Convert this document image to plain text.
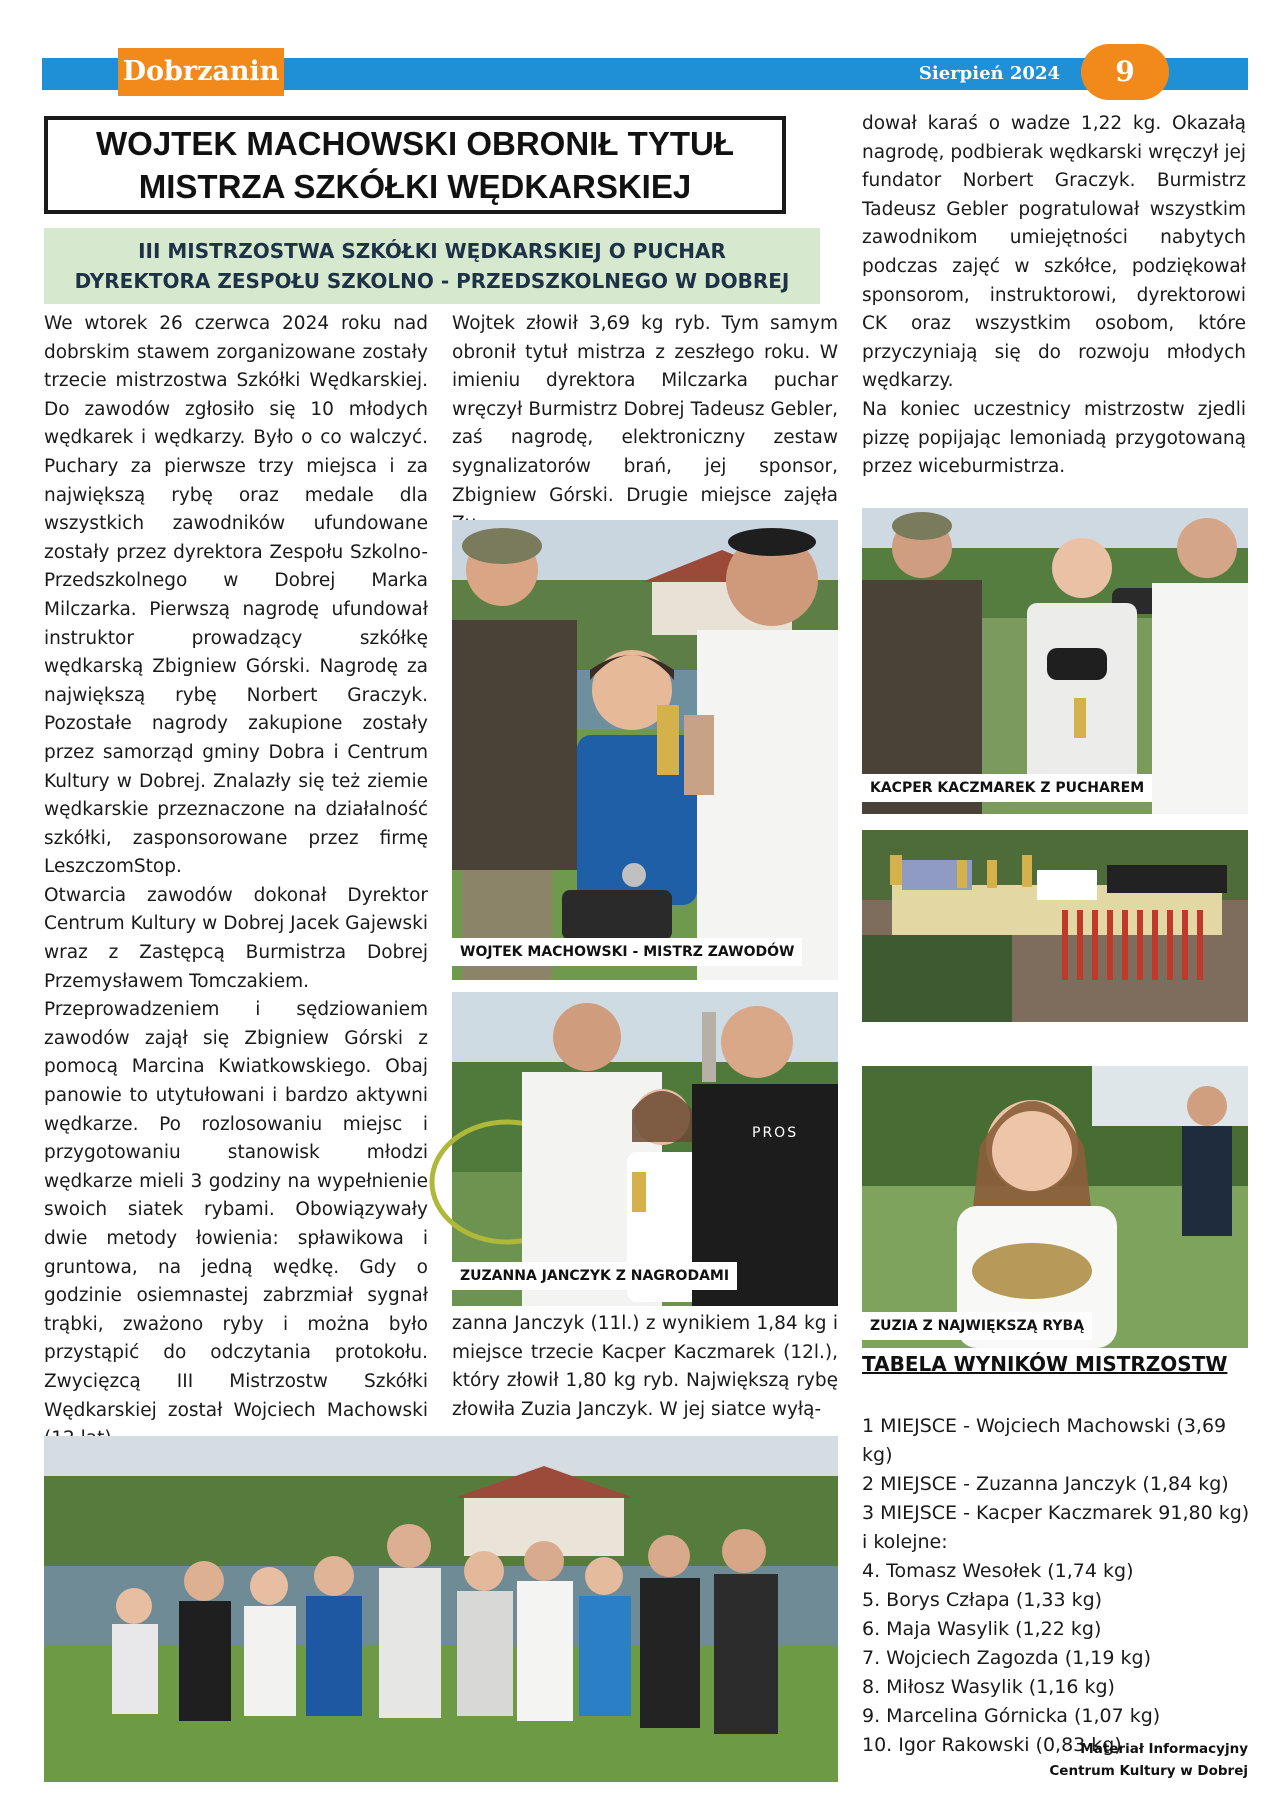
Dobrzanin	Sierpień 2024	9
WOJTEK MACHOWSKI OBRONIŁ TYTUŁ
MISTRZA SZKÓŁKI WĘDKARSKIEJ
III MISTRZOSTWA SZKÓŁKI WĘDKARSKIEJ O PUCHAR
DYREKTORA ZESPOŁU SZKOLNO - PRZEDSZKOLNEGO W DOBREJ

We wtorek 26 czerwca 2024 roku nad dobrskim stawem zorganizowane zostały trzecie mistrzostwa Szkółki Wędkarskiej. Do zawodów zgłosiło się 10 młodych wędkarek i wędkarzy. Było o co walczyć. Puchary za pierwsze trzy miejsca i za największą rybę oraz medale dla wszystkich zawodników ufundowane zostały przez dyrektora Zespołu Szkolno-Przedszkolnego w Dobrej Marka Milczarka. Pierwszą nagrodę ufundował instruktor prowadzący szkółkę wędkarską Zbigniew Górski. Nagrodę za największą rybę Norbert Graczyk. Pozostałe nagrody zakupione zostały przez samorząd gminy Dobra i Centrum Kultury w Dobrej. Znalazły się też ziemie wędkarskie przeznaczone na działalność szkółki, zasponsorowane przez firmę LeszczomStop.

Otwarcia zawodów dokonał Dyrektor Centrum Kultury w Dobrej Jacek Gajewski wraz z Zastępcą Burmistrza Dobrej Przemysławem Tomczakiem.

Przeprowadzeniem i sędziowaniem zawodów zajął się Zbigniew Górski z pomocą Marcina Kwiatkowskiego. Obaj panowie to utytułowani i bardzo aktywni wędkarze. Po rozlosowaniu miejsc i przygotowaniu stanowisk młodzi wędkarze mieli 3 godziny na wypełnienie swoich siatek rybami. Obowiązywały dwie metody łowienia: spławikowa i gruntowa, na jedną wędkę. Gdy o godzinie osiemnastej zabrzmiał sygnał trąbki, zważono ryby i można było przystąpić do odczytania protokołu. Zwycięzcą III Mistrzostw Szkółki Wędkarskiej został Wojciech Machowski

Wojtek złowił 3,69 kg ryb. Tym samym obronił tytuł mistrza z zeszłego roku. W imieniu dyrektora Milczarka puchar wręczył Burmistrz Dobrej Tadeusz Gebler, zaś nagrodę, elektroniczny zestaw sygnalizatorów brań, jej sponsor, Zbigniew Górski. Drugie miejsce zajęła

WOJTEK MACHOWSKI - MISTRZ ZAWODÓW
PROS
ZUZANNA JANCZYK Z NAGRODAMI

zanna Janczyk (11l.) z wynikiem 1,84 kg i miejsce trzecie Kacper Kaczmarek (12l.), który złowił 1,80 kg ryb. Największą rybę złowiła Zuzia Janczyk. W jej siatce wyłą-

dował karaś o wadze 1,22 kg. Okazałą nagrodę, podbierak wędkarski wręczył jej fundator Norbert Graczyk. Burmistrz Tadeusz Gebler pogratulował wszystkim zawodnikom umiejętności nabytych podczas zajęć w szkółce, podziękował sponsorom, instruktorowi, dyrektorowi CK oraz wszystkim osobom, które przyczyniają się do rozwoju młodych wędkarzy.

Na koniec uczestnicy mistrzostw zjedli pizzę popijając lemoniadą przygotowaną przez wiceburmistrza.

KACPER KACZMAREK Z PUCHAREM
ZUZIA Z NAJWIĘKSZĄ RYBĄ
TABELA WYNIKÓW MISTRZOSTW
1 MIEJSCE - Wojciech Machowski (3,69 kg)
2 MIEJSCE - Zuzanna Janczyk (1,84 kg)
3 MIEJSCE - Kacper Kaczmarek 91,80 kg)
i kolejne:
4. Tomasz Wesołek (1,74 kg)
5. Borys Człapa (1,33 kg)
6. Maja Wasylik (1,22 kg)
7. Wojciech Zagozda (1,19 kg)
8. Miłosz Wasylik (1,16 kg)
9. Marcelina Górnicka (1,07 kg)
10. Igor Rakowski (0,83 kg)
Materiał Informacyjny
Centrum Kultury w Dobrej
